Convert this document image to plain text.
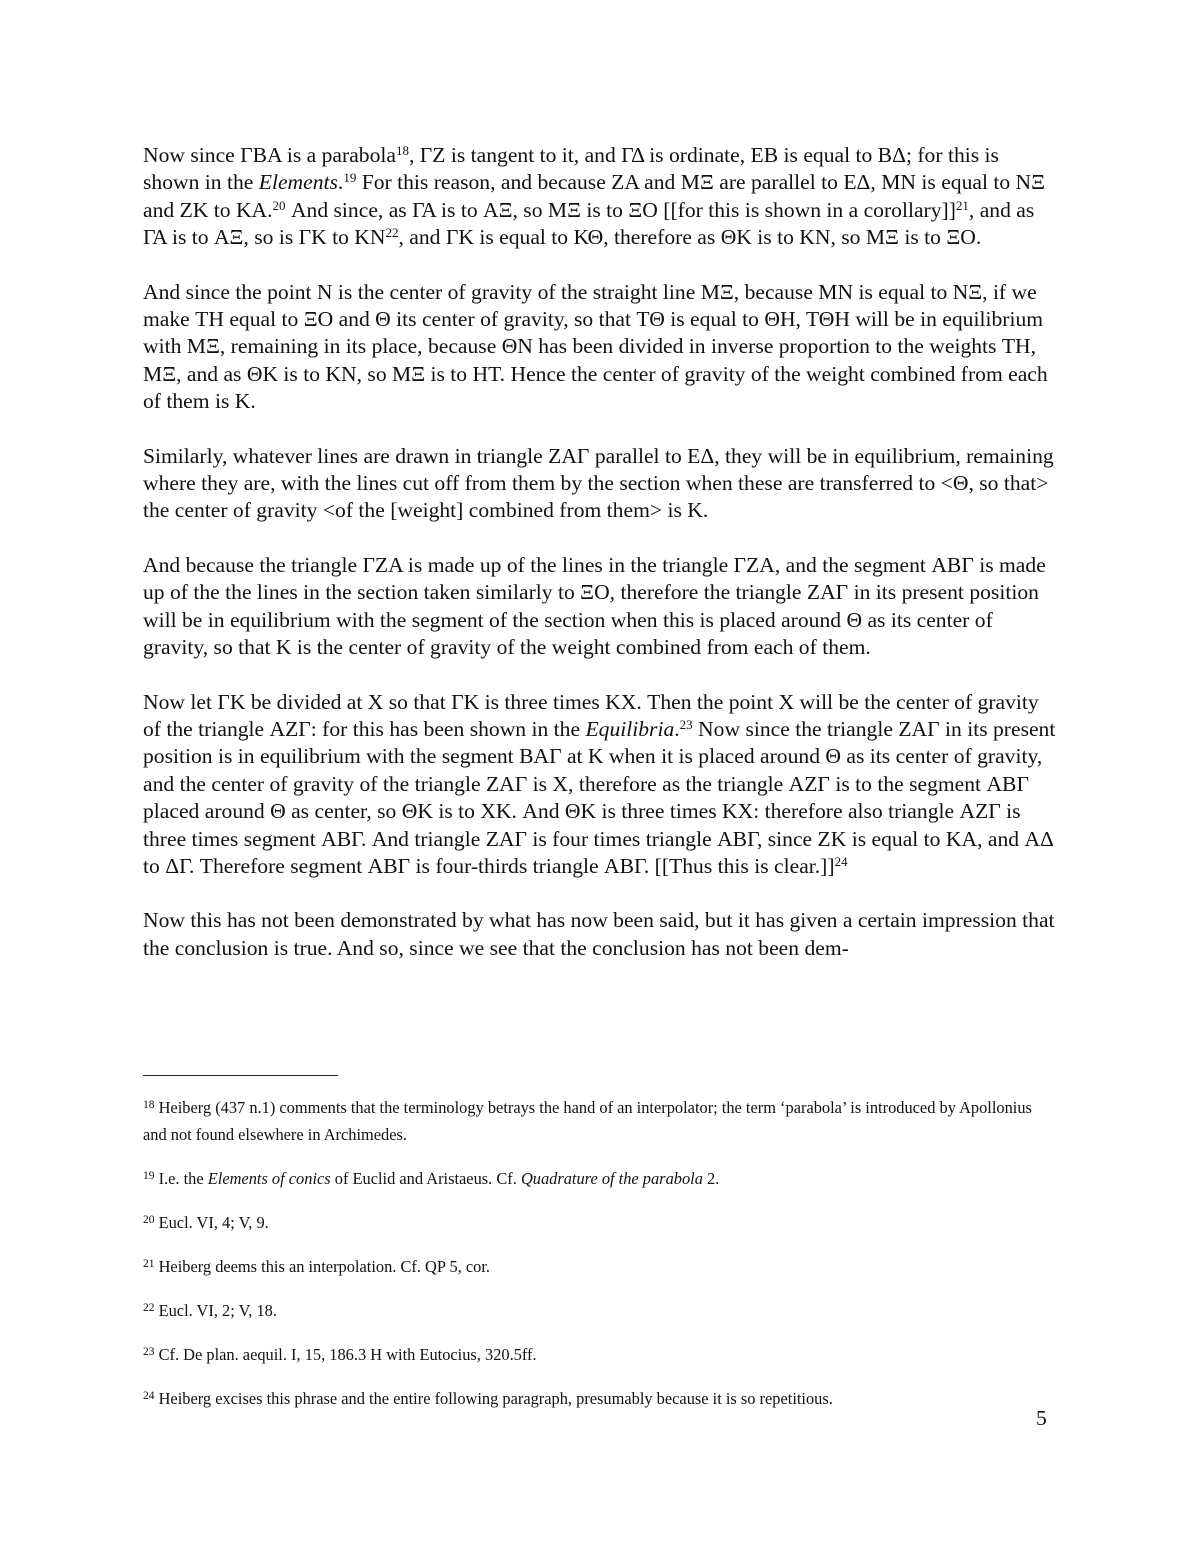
Now since ΓΒΑ is a parabola$^{18}$, ΓΖ is tangent to it, and ΓΔ is ordinate, ΕΒ is equal to ΒΔ; for this is shown in the Elements.$^{19}$ For this reason, and because ΖΑ and ΜΞ are parallel to ΕΔ, ΜΝ is equal to ΝΞ and ΖΚ to ΚΑ.$^{20}$ And since, as ΓΑ is to ΑΞ, so ΜΞ is to ΞΟ [[for this is shown in a corollary]]$^{21}$, and as ΓΑ is to ΑΞ, so is ΓΚ to ΚΝ$^{22}$, and ΓΚ is equal to ΚΘ, therefore as ΘΚ is to ΚΝ, so ΜΞ is to ΞΟ.

And since the point Ν is the center of gravity of the straight line ΜΞ, because ΜΝ is equal to ΝΞ, if we make ΤΗ equal to ΞΟ and Θ its center of gravity, so that ΤΘ is equal to ΘΗ, ΤΘΗ will be in equilibrium with ΜΞ, remaining in its place, because ΘΝ has been divided in inverse proportion to the weights ΤΗ, ΜΞ, and as ΘΚ is to ΚΝ, so ΜΞ is to ΗΤ. Hence the center of gravity of the weight combined from each of them is Κ.

Similarly, whatever lines are drawn in triangle ΖΑΓ parallel to ΕΔ, they will be in equilibrium, remaining where they are, with the lines cut off from them by the section when these are transferred to <Θ, so that> the center of gravity <of the [weight] combined from them> is Κ.

And because the triangle ΓΖΑ is made up of the lines in the triangle ΓΖΑ, and the segment ΑΒΓ is made up of the the lines in the section taken similarly to ΞΟ, therefore the triangle ΖΑΓ in its present position will be in equilibrium with the segment of the section when this is placed around Θ as its center of gravity, so that Κ is the center of gravity of the weight combined from each of them.

Now let ΓΚ be divided at Χ so that ΓΚ is three times ΚΧ. Then the point Χ will be the center of gravity of the triangle ΑΖΓ: for this has been shown in the Equilibria.$^{23}$ Now since the triangle ΖΑΓ in its present position is in equilibrium with the segment ΒΑΓ at Κ when it is placed around Θ as its center of gravity, and the center of gravity of the triangle ΖΑΓ is Χ, therefore as the triangle ΑΖΓ is to the segment ΑΒΓ placed around Θ as center, so ΘΚ is to ΧΚ. And ΘΚ is three times ΚΧ: therefore also triangle ΑΖΓ is three times segment ΑΒΓ. And triangle ΖΑΓ is four times triangle ΑΒΓ, since ΖΚ is equal to ΚΑ, and ΑΔ to ΔΓ. Therefore segment ΑΒΓ is four-thirds triangle ΑΒΓ. [[Thus this is clear.]]$^{24}$

Now this has not been demonstrated by what has now been said, but it has given a certain impression that the conclusion is true. And so, since we see that the conclusion has not been dem-

$^{18}$ Heiberg (437 n.1) comments that the terminology betrays the hand of an interpolator; the term ‘parabola’ is introduced by Apollonius and not found elsewhere in Archimedes.

$^{19}$ I.e. the Elements of conics of Euclid and Aristaeus. Cf. Quadrature of the parabola 2.

$^{20}$ Eucl. VI, 4; V, 9.

$^{21}$ Heiberg deems this an interpolation. Cf. QP 5, cor.

$^{22}$ Eucl. VI, 2; V, 18.

$^{23}$ Cf. De plan. aequil. I, 15, 186.3 H with Eutocius, 320.5ff.

$^{24}$ Heiberg excises this phrase and the entire following paragraph, presumably because it is so repetitious.

5
